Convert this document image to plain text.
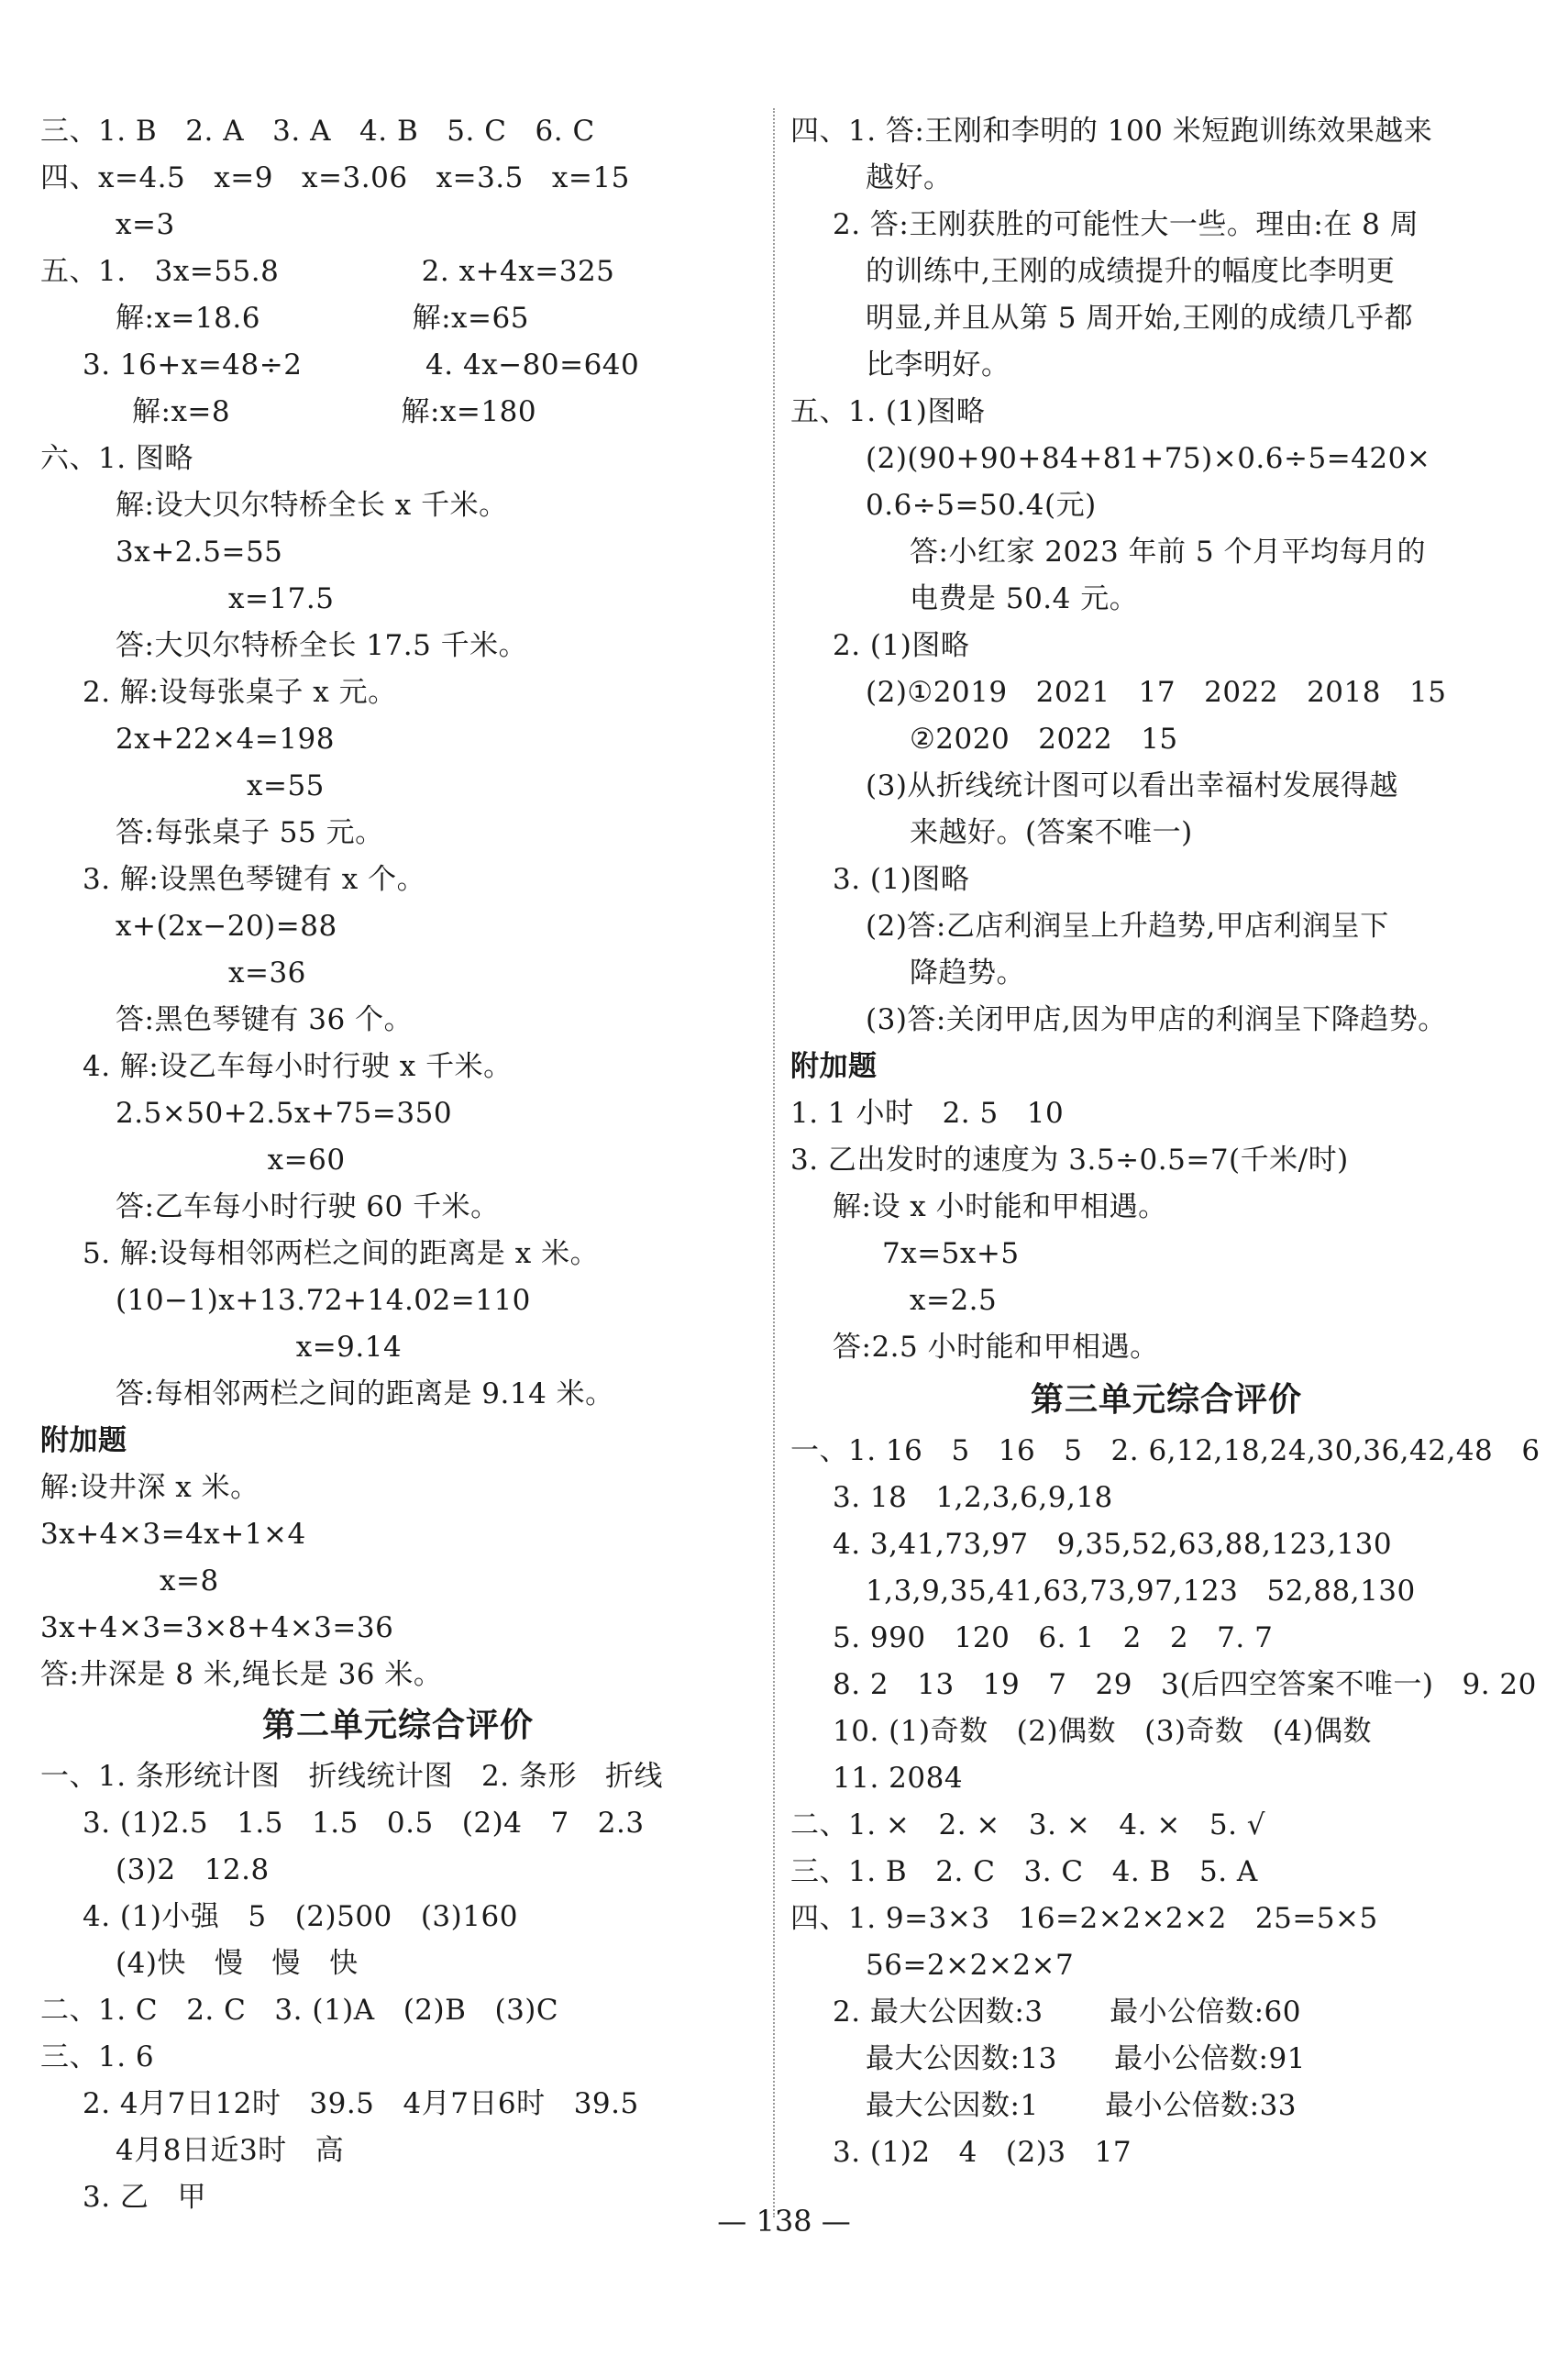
三、1. B   2. A   3. A   4. B   5. C   6. C
四、x=4.5   x=9   x=3.06   x=3.5   x=15
x=3
五、1.   3x=55.8               2. x+4x=325
解:x=18.6                解:x=65
3. 16+x=48÷2             4. 4x−80=640
解:x=8                  解:x=180
六、1. 图略
解:设大贝尔特桥全长 x 千米。
3x+2.5=55
x=17.5
答:大贝尔特桥全长 17.5 千米。
2. 解:设每张桌子 x 元。
2x+22×4=198
x=55
答:每张桌子 55 元。
3. 解:设黑色琴键有 x 个。
x+(2x−20)=88
x=36
答:黑色琴键有 36 个。
4. 解:设乙车每小时行驶 x 千米。
2.5×50+2.5x+75=350
x=60
答:乙车每小时行驶 60 千米。
5. 解:设每相邻两栏之间的距离是 x 米。
(10−1)x+13.72+14.02=110
x=9.14
答:每相邻两栏之间的距离是 9.14 米。
附加题
解:设井深 x 米。
3x+4×3=4x+1×4
x=8
3x+4×3=3×8+4×3=36
答:井深是 8 米,绳长是 36 米。
第二单元综合评价
一、1. 条形统计图   折线统计图   2. 条形   折线
3. (1)2.5   1.5   1.5   0.5   (2)4   7   2.3
(3)2   12.8
4. (1)小强   5   (2)500   (3)160
(4)快   慢   慢   快
二、1. C   2. C   3. (1)A   (2)B   (3)C
三、1. 6
2. 4月7日12时   39.5   4月7日6时   39.5
4月8日近3时   高
3. 乙   甲
四、1. 答:王刚和李明的 100 米短跑训练效果越来
越好。
2. 答:王刚获胜的可能性大一些。理由:在 8 周
的训练中,王刚的成绩提升的幅度比李明更
明显,并且从第 5 周开始,王刚的成绩几乎都
比李明好。
五、1. (1)图略
(2)(90+90+84+81+75)×0.6÷5=420×
0.6÷5=50.4(元)
答:小红家 2023 年前 5 个月平均每月的
电费是 50.4 元。
2. (1)图略
(2)①2019   2021   17   2022   2018   15
②2020   2022   15
(3)从折线统计图可以看出幸福村发展得越
来越好。(答案不唯一)
3. (1)图略
(2)答:乙店利润呈上升趋势,甲店利润呈下
降趋势。
(3)答:关闭甲店,因为甲店的利润呈下降趋势。
附加题
1. 1 小时   2. 5   10
3. 乙出发时的速度为 3.5÷0.5=7(千米/时)
解:设 x 小时能和甲相遇。
7x=5x+5
x=2.5
答:2.5 小时能和甲相遇。
第三单元综合评价
一、1. 16   5   16   5   2. 6,12,18,24,30,36,42,48   6
3. 18   1,2,3,6,9,18
4. 3,41,73,97   9,35,52,63,88,123,130
1,3,9,35,41,63,73,97,123   52,88,130
5. 990   120   6. 1   2   2   7. 7
8. 2   13   19   7   29   3(后四空答案不唯一)   9. 20
10. (1)奇数   (2)偶数   (3)奇数   (4)偶数
11. 2084
二、1. ×   2. ×   3. ×   4. ×   5. √
三、1. B   2. C   3. C   4. B   5. A
四、1. 9=3×3   16=2×2×2×2   25=5×5
56=2×2×2×7
2. 最大公因数:3       最小公倍数:60
最大公因数:13      最小公倍数:91
最大公因数:1       最小公倍数:33
3. (1)2   4   (2)3   17
— 138 —
